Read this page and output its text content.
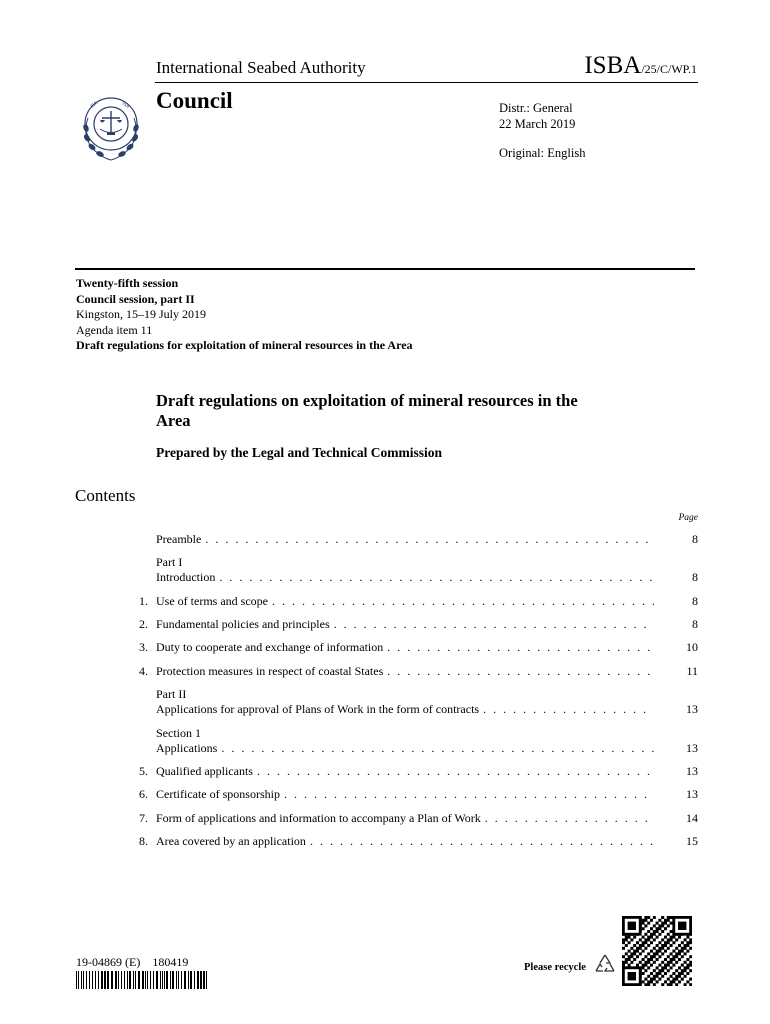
International Seabed Authority	ISBA/25/C/WP.1
Council	Distr.: General
22 March 2019
Original: English
ISA	ISA
Twenty-fifth session
Council session, part II
Kingston, 15–19 July 2019
Agenda item 11
Draft regulations for exploitation of mineral resources in the Area
Draft regulations on exploitation of mineral resources in the Area
Prepared by the Legal and Technical Commission
Contents
Page
Preamble . . .	8
Part I
Introduction . . .	8
1. Use of terms and scope . . .	8
2. Fundamental policies and principles . . .	8
3. Duty to cooperate and exchange of information . . .	10
4. Protection measures in respect of coastal States . . .	11
Part II
Applications for approval of Plans of Work in the form of contracts . . .	13
Section 1
Applications . . .	13
5. Qualified applicants . . .	13
6. Certificate of sponsorship . . .	13
7. Form of applications and information to accompany a Plan of Work . . .	14
8. Area covered by an application . . .	15
19-04869 (E) 180419	Please recycle
